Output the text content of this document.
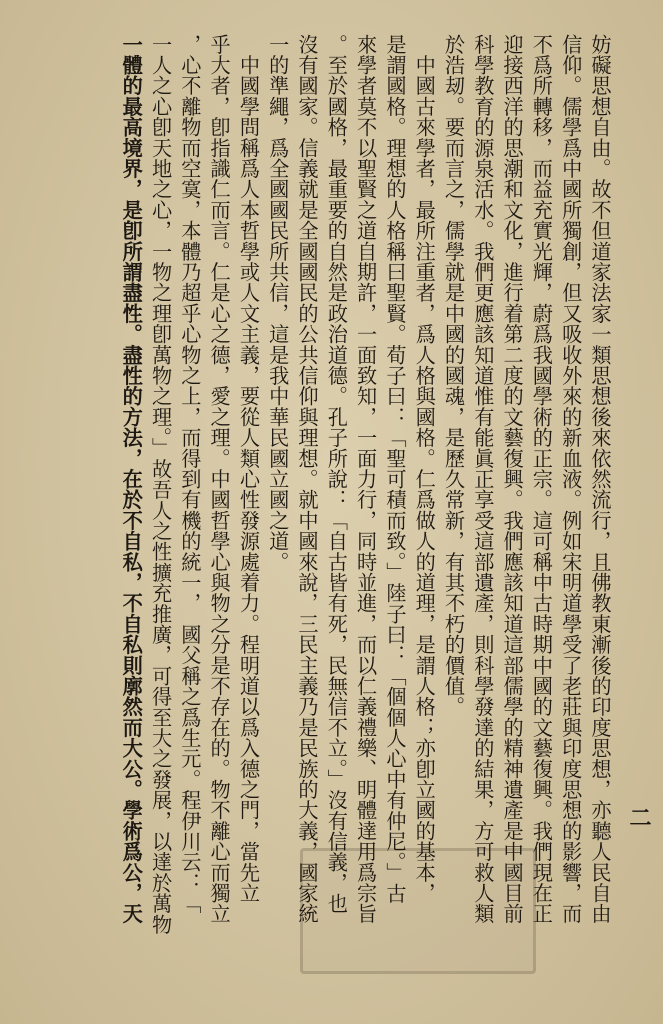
二
妨礙思想自由。故不但道家法家一類思想後來依然流行，且佛教東漸後的印度思想，亦聽人民自由
信仰。儒學爲中國所獨創，但又吸收外來的新血液。例如宋明道學受了老莊與印度思想的影響，而
不爲所轉移，而益充實光輝，蔚爲我國學術的正宗。這可稱中古時期中國的文藝復興。我們現在正
迎接西洋的思潮和文化，進行着第二度的文藝復興。我們應該知道這部儒學的精神遺產是中國目前
科學教育的源泉活水。我們更應該知道惟有能眞正享受這部遺產，則科學發達的結果，方可救人類
於浩刼。要而言之，儒學就是中國的國魂，是歷久常新，有其不朽的價值。
　中國古來學者，最所注重者，爲人格與國格。仁爲做人的道理，是謂人格；亦卽立國的基本，
是謂國格。理想的人格稱曰聖賢。荀子曰：「聖可積而致。」陸子曰：「個個人心中有仲尼。」古
來學者莫不以聖賢之道自期許，一面致知，一面力行，同時並進，而以仁義禮樂、明體達用爲宗旨
。至於國格，最重要的自然是政治道德。孔子所說：「自古皆有死，民無信不立。」沒有信義，也
沒有國家。信義就是全國國民的公共信仰與理想。就中國來說，三民主義乃是民族的大義，國家統
一的準繩，爲全國國民所共信，這是我中華民國立國之道。
　中國學問稱爲人本哲學或人文主義，要從人類心性發源處着力。程明道以爲入德之門，當先立
乎大者，卽指識仁而言。仁是心之德，愛之理。中國哲學心與物之分是不存在的。物不離心而獨立
，心不離物而空寞，本體乃超乎心物之上，而得到有機的統一，　國父稱之爲生元。程伊川云：「
一人之心卽天地之心，一物之理卽萬物之理。」故吾人之性擴充推廣，可得至大之發展，以達於萬物
一體的最高境界，是卽所謂盡性。盡性的方法，在於不自私，不自私則廓然而大公。學術爲公，天
